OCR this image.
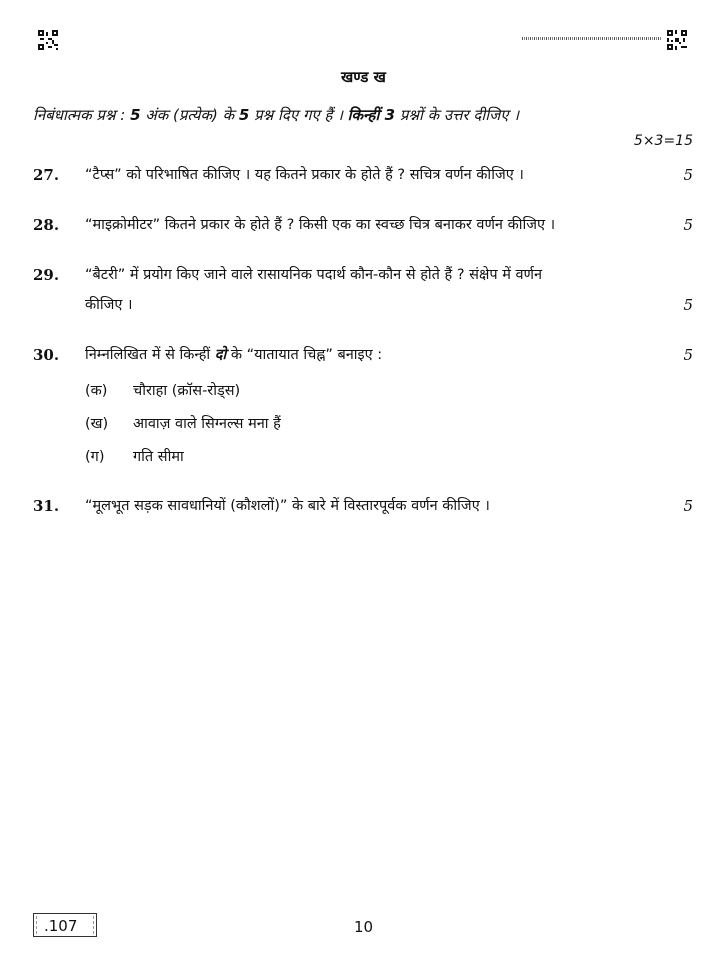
खण्ड ख
निबंधात्मक प्रश्न : 5 अंक (प्रत्येक) के 5 प्रश्न दिए गए हैं । किन्हीं 3 प्रश्नों के उत्तर दीजिए ।
5×3=15
27. “टैप्स” को परिभाषित कीजिए । यह कितने प्रकार के होते हैं ? सचित्र वर्णन कीजिए ।	5
28. “माइक्रोमीटर” कितने प्रकार के होते हैं ? किसी एक का स्वच्छ चित्र बनाकर वर्णन कीजिए ।	5
29. “बैटरी” में प्रयोग किए जाने वाले रासायनिक पदार्थ कौन-कौन से होते हैं ? संक्षेप में वर्णन
कीजिए ।	5
30. निम्नलिखित में से किन्हीं दो के “यातायात चिह्न” बनाइए :	5
(क)	चौराहा (क्रॉस-रोड्स)
(ख)	आवाज़ वाले सिग्नल्स मना हैं
(ग)	गति सीमा
31. “मूलभूत सड़क सावधानियों (कौशलों)” के बारे में विस्तारपूर्वक वर्णन कीजिए ।	5
.107	10
